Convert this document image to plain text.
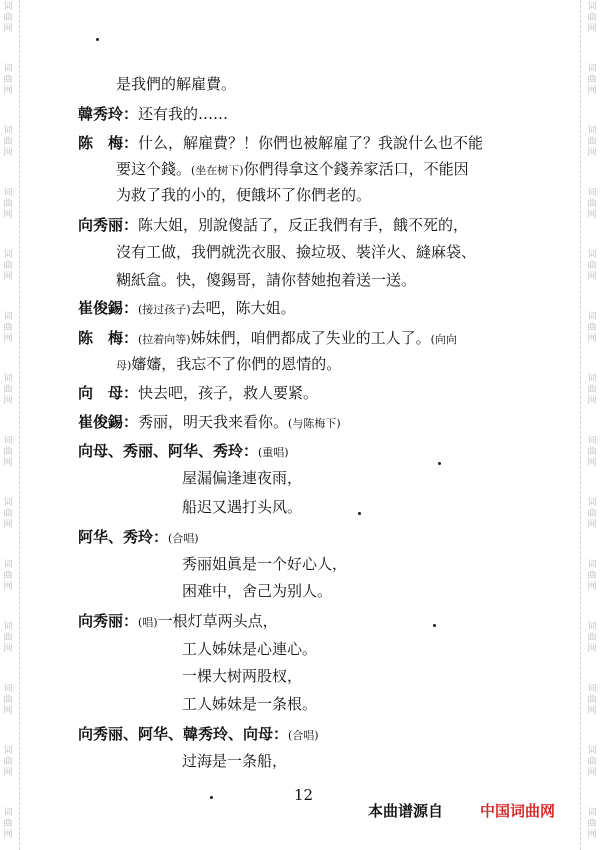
词曲网
词曲网
词曲网
词曲网
词曲网
词曲网
词曲网
词曲网
词曲网
词曲网
词曲网
词曲网
词曲网
词曲网
词曲网
词曲网
词曲网
词曲网
词曲网
词曲网
词曲网
词曲网
词曲网
词曲网
词曲网
词曲网
词曲网
词曲网
是我們的解雇費。
韓秀玲：还有我的……
陈　梅：什么，解雇費？！你們也被解雇了？我說什么也不能
要这个錢。(坐在树下)你們得拿这个錢养家活口，不能因
为救了我的小的，便餓坏了你們老的。
向秀丽：陈大姐，別說傻話了，反正我們有手，餓不死的，
沒有工做，我們就洗衣服、撿垃圾、裝洋火、縫麻袋、
糊紙盒。快，傻錫哥，請你替她抱着送一送。
崔俊錫：(接过孩子)去吧，陈大姐。
陈　梅：(拉着向等)姊妹們，咱們都成了失业的工人了。(向向
母)嬸嬸，我忘不了你們的恩情的。
向　母：快去吧，孩子，救人要紧。
崔俊錫：秀丽，明天我来看你。(与陈梅下)
向母、秀丽、阿华、秀玲：(重唱)
屋漏偏逢連夜雨，
船迟又遇打头风。
阿华、秀玲：(合唱)
秀丽姐眞是一个好心人，
困难中，舍己为别人。
向秀丽：(唱)一根灯草两头点，
工人姊妹是心連心。
一棵大树两股杈，
工人姊妹是一条根。
向秀丽、阿华、韓秀玲、向母：(合唱)
过海是一条船，
12
本曲谱源自 中国词曲网
